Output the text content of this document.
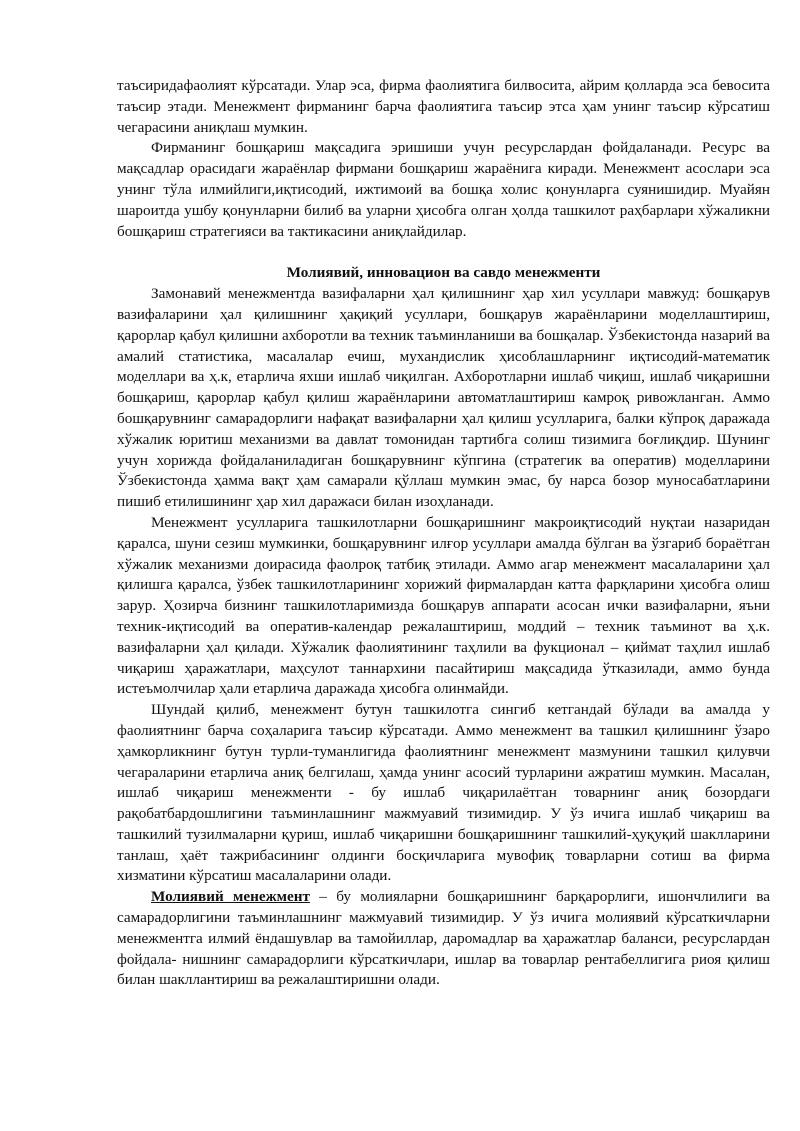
таъсиридафаолият кўрсатади. Улар эса, фирма фаолиятига билвосита, айрим қолларда эса бевосита таъсир этади. Менежмент фирманинг барча фаолиятига таъсир этса ҳам унинг таъсир кўрсатиш чегарасини аниқлаш мумкин.

Фирманинг бошқариш мақсадига эришиши учун ресурслардан фойдаланади. Ресурс ва мақсадлар орасидаги жараёнлар фирмани бошқариш жараёнига киради. Менежмент асослари эса унинг тўла илмийлиги,иқтисодий, ижтимоий ва бошқа холис қонунларга суянишидир. Муайян шароитда ушбу қонунларни билиб ва уларни ҳисобга олган ҳолда ташкилот раҳбарлари хўжаликни бошқариш стратегияси ва тактикасини аниқлайдилар.

Молиявий, инновацион ва савдо менежменти

Замонавий менежментда вазифаларни ҳал қилишнинг ҳар хил усуллари мавжуд: бошқарув вазифаларини ҳал қилишнинг ҳақиқий усуллари, бошқарув жараёнларини моделлаштириш, қарорлар қабул қилишни ахборотли ва техник таъминланиши ва бошқалар. Ўзбекистонда назарий ва амалий статистика, масалалар ечиш, мухандислик ҳисоблашларнинг иқтисодий-математик моделлари ва ҳ.к, етарлича яхши ишлаб чиқилган. Ахборотларни ишлаб чиқиш, ишлаб чиқаришни бошқариш, қарорлар қабул қилиш жараёнларини автоматлаштириш камроқ ривожланган. Аммо бошқарувнинг самарадорлиги нафақат вазифаларни ҳал қилиш усулларига, балки кўпроқ даражада хўжалик юритиш механизми ва давлат томонидан тартибга солиш тизимига боғлиқдир. Шунинг учун хорижда фойдаланиладиган бошқарувнинг кўпгина (стратегик ва оператив) моделларини Ўзбекистонда ҳамма вақт ҳам самарали қўллаш мумкин эмас, бу нарса бозор муносабатларини пишиб етилишининг ҳар хил даражаси билан изоҳланади.

Менежмент усулларига ташкилотларни бошқаришнинг макроиқтисодий нуқтаи назаридан қаралса, шуни сезиш мумкинки, бошқарувнинг илғор усуллари амалда бўлган ва ўзгариб бораётган хўжалик механизми доирасида фаолроқ татбиқ этилади. Аммо агар менежмент масалаларини ҳал қилишга қаралса, ўзбек ташкилотларининг хорижий фирмалардан катта фарқларини ҳисобга олиш зарур. Ҳозирча бизнинг ташкилотларимизда бошқарув аппарати асосан ички вазифаларни, яъни техник-иқтисодий ва оператив-календар режалаштириш, моддий – техник таъминот ва ҳ.к. вазифаларни ҳал қилади. Хўжалик фаолиятининг таҳлили ва фукционал – қиймат таҳлил ишлаб чиқариш ҳаражатлари, маҳсулот таннархини пасайтириш мақсадида ўтказилади, аммо бунда истеъмолчилар ҳали етарлича даражада ҳисобга олинмайди.

Шундай қилиб, менежмент бутун ташкилотга сингиб кетгандай бўлади ва амалда у фаолиятнинг барча соҳаларига таъсир кўрсатади. Аммо менежмент ва ташкил қилишнинг ўзаро ҳамкорликнинг бутун турли-туманлигида фаолиятнинг менежмент мазмунини ташкил қилувчи чегараларини етарлича аниқ белгилаш, ҳамда унинг асосий турларини ажратиш мумкин. Масалан, ишлаб чиқариш менежменти - бу ишлаб чиқарилаётган товарнинг аниқ бозордаги рақобатбардошлигини таъминлашнинг мажмуавий тизимидир. У ўз ичига ишлаб чиқариш ва ташкилий тузилмаларни қуриш, ишлаб чиқаришни бошқаришнинг ташкилий-ҳуқуқий шаклларини танлаш, ҳаёт тажрибасининг олдинги босқичларига мувофиқ товарларни сотиш ва фирма хизматини кўрсатиш масалаларини олади.

Молиявий менежмент – бу молияларни бошқаришнинг барқарорлиги, ишончлилиги ва самарадорлигини таъминлашнинг мажмуавий тизимидир. У ўз ичига молиявий кўрсаткичларни менежментга илмий ёндашувлар ва тамойиллар, даромадлар ва ҳаражатлар баланси, ресурслардан фойдала- нишнинг самарадорлиги кўрсаткичлари, ишлар ва товарлар рентабеллигига риоя қилиш билан шакллантириш ва режалаштиришни олади.
